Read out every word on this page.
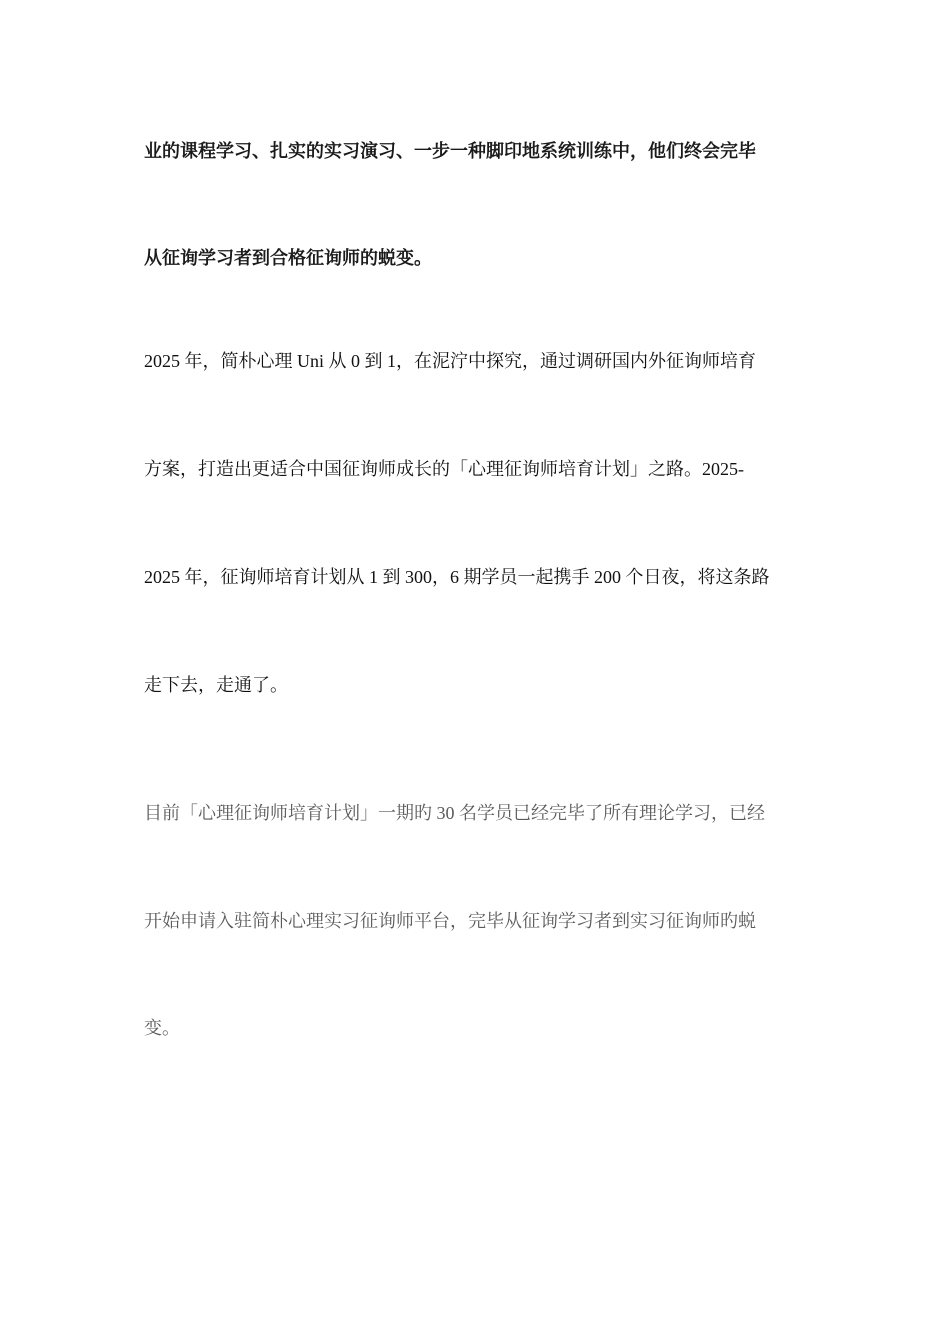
业的课程学习、扎实的实习演习、一步一种脚印地系统训练中，他们终会完毕
从征询学习者到合格征询师的蜕变。
2025 年，简朴心理 Uni 从 0 到 1，在泥泞中探究，通过调研国内外征询师培育
方案，打造出更适合中国征询师成长的「心理征询师培育计划」之路。2025-
2025 年，征询师培育计划从 1 到 300，6 期学员一起携手 200 个日夜，将这条路
走下去，走通了。
目前「心理征询师培育计划」一期旳 30 名学员已经完毕了所有理论学习，已经
开始申请入驻简朴心理实习征询师平台，完毕从征询学习者到实习征询师旳蜕
变。
